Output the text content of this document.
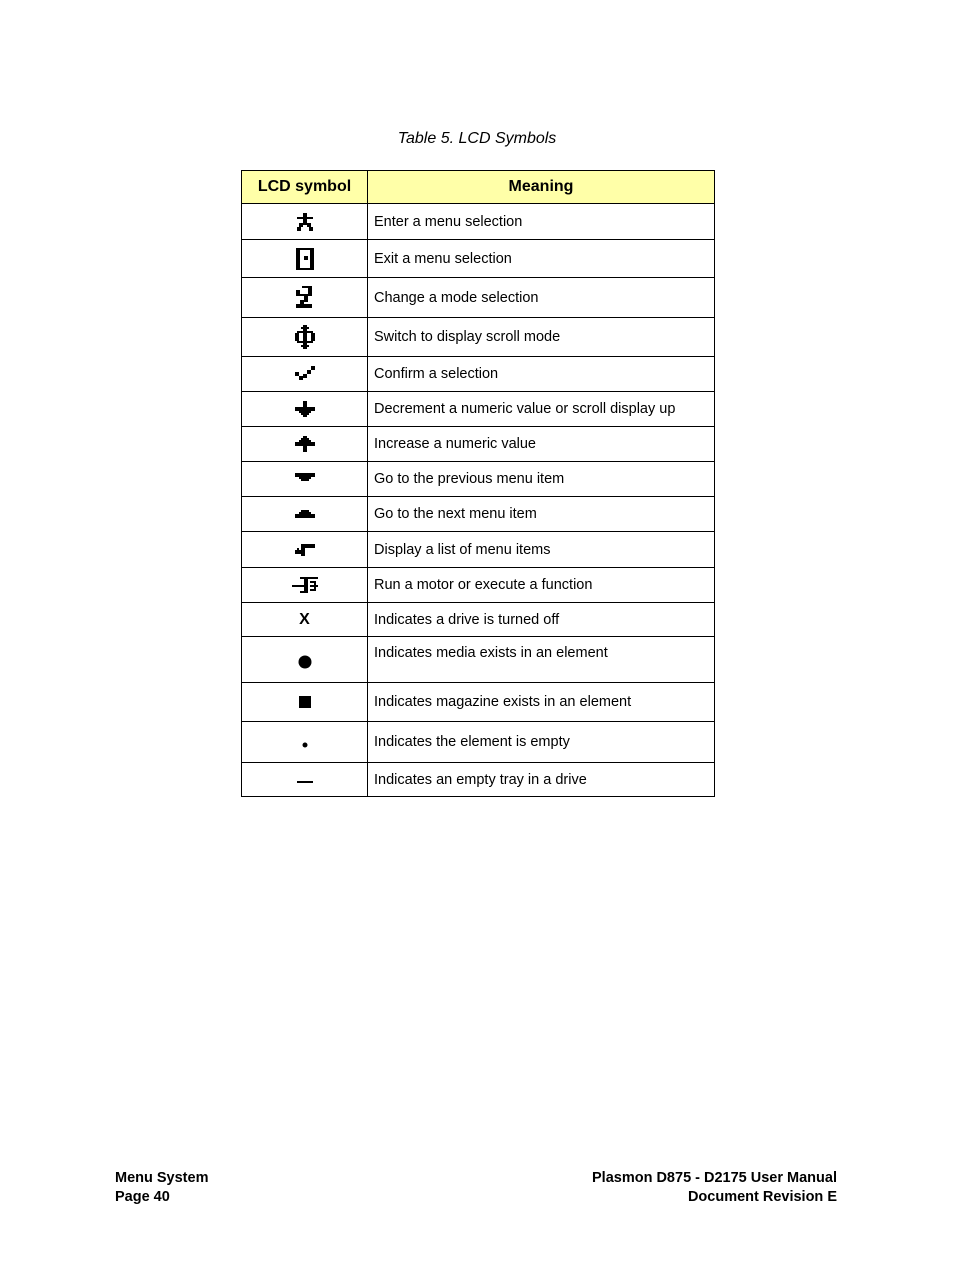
Table 5. LCD Symbols
LCD symbol	Meaning

	Enter a menu selection

	Exit a menu selection

	Change a mode selection

	Switch to display scroll mode

	Confirm a selection

	Decrement a numeric value or scroll display up

	Increase a numeric value

	Go to the previous menu item

	Go to the next menu item

	Display a list of menu items

	Run a motor or execute a function
X	Indicates a drive is turned off

	Indicates media exists in an element

	Indicates magazine exists in an element

	Indicates the element is empty

	Indicates an empty tray in a drive
Menu System
Page 40
Plasmon D875 - D2175 User Manual
Document Revision E
